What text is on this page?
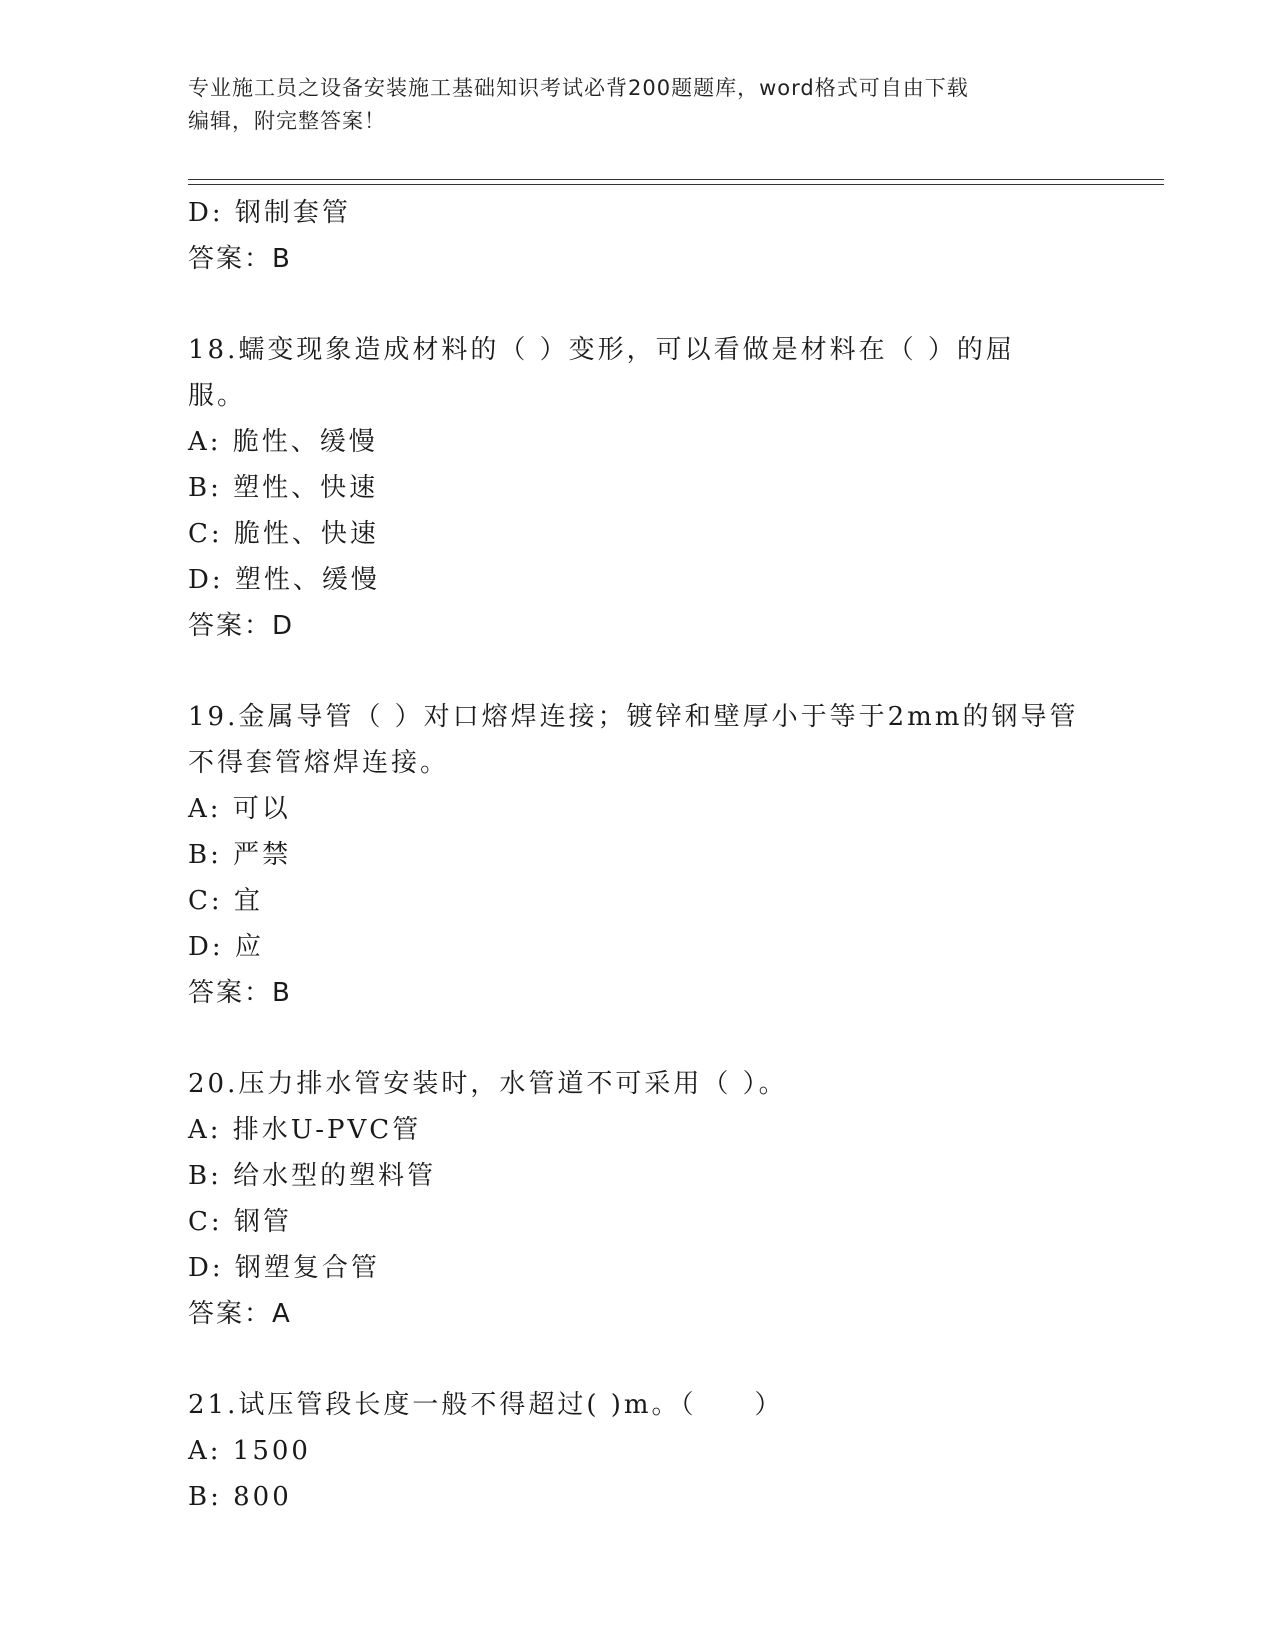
专业施工员之设备安装施工基础知识考试必背200题题库，word格式可自由下载
编辑，附完整答案！
D: 钢制套管
答案：B
18.蠕变现象造成材料的（ ）变形，可以看做是材料在（ ）的屈服。
A: 脆性、缓慢
B: 塑性、快速
C: 脆性、快速
D: 塑性、缓慢
答案：D
19.金属导管（ ）对口熔焊连接；镀锌和壁厚小于等于2mm的钢导管
不得套管熔焊连接。
A: 可以
B: 严禁
C: 宜
D: 应
答案：B
20.压力排水管安装时，水管道不可采用（ ）。
A: 排水U-PVC管
B: 给水型的塑料管
C: 钢管
D: 钢塑复合管
答案：A
21.试压管段长度一般不得超过( )m。（　　）
A: 1500
B: 800
